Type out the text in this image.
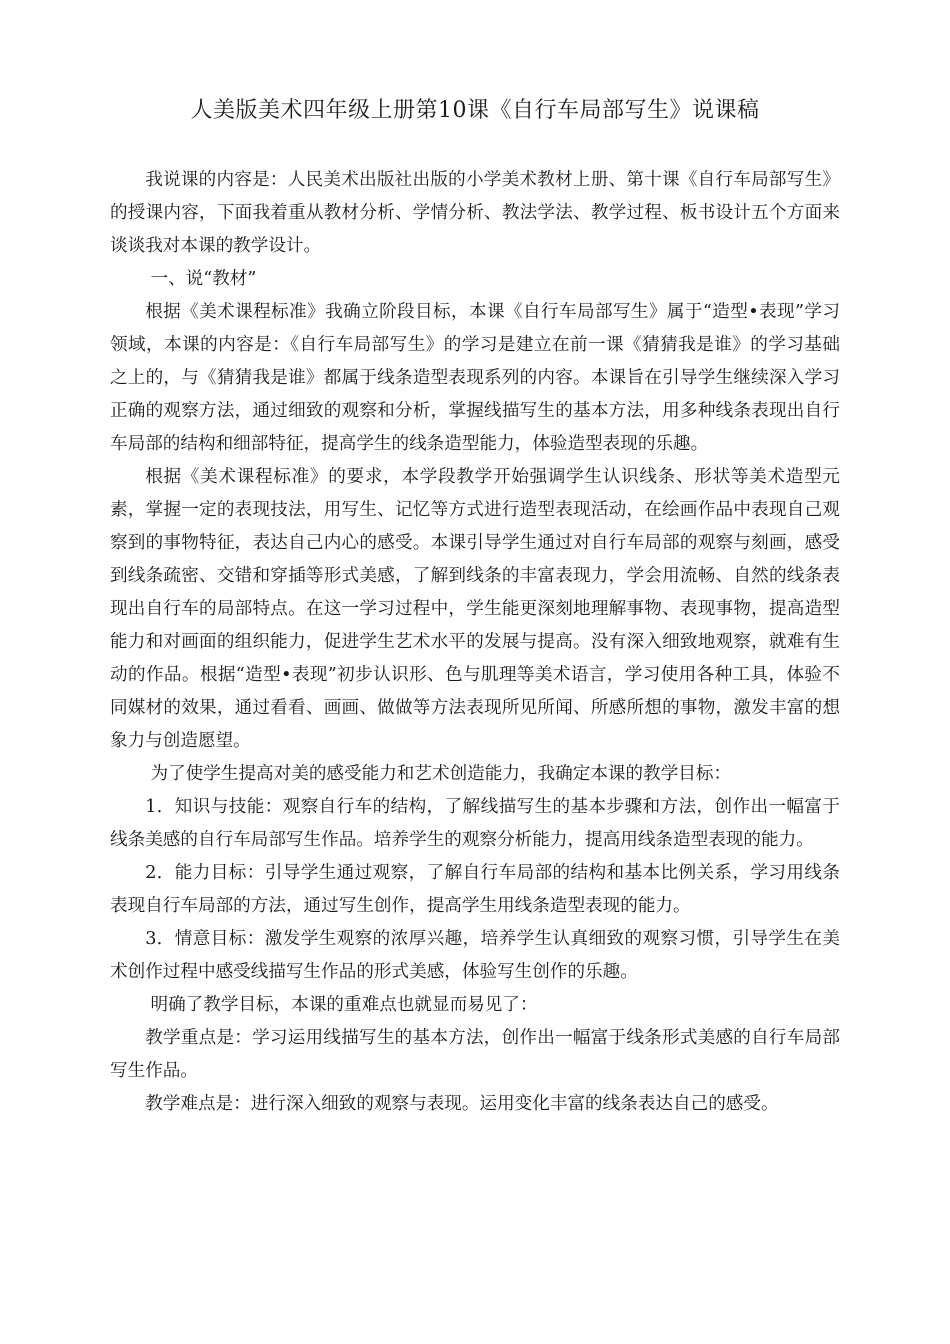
人美版美术四年级上册第10课《自行车局部写生》说课稿

我说课的内容是：人民美术出版社出版的小学美术教材上册、第十课《自行车局部写生》的授课内容，下面我着重从教材分析、学情分析、教法学法、教学过程、板书设计五个方面来谈谈我对本课的教学设计。

一、说“教材”

根据《美术课程标准》我确立阶段目标，本课《自行车局部写生》属于“造型•表现”学习领域，本课的内容是：《自行车局部写生》的学习是建立在前一课《猜猜我是谁》的学习基础之上的，与《猜猜我是谁》都属于线条造型表现系列的内容。本课旨在引导学生继续深入学习正确的观察方法，通过细致的观察和分析，掌握线描写生的基本方法，用多种线条表现出自行车局部的结构和细部特征，提高学生的线条造型能力，体验造型表现的乐趣。

根据《美术课程标准》的要求，本学段教学开始强调学生认识线条、形状等美术造型元素，掌握一定的表现技法，用写生、记忆等方式进行造型表现活动，在绘画作品中表现自己观察到的事物特征，表达自己内心的感受。本课引导学生通过对自行车局部的观察与刻画，感受到线条疏密、交错和穿插等形式美感，了解到线条的丰富表现力，学会用流畅、自然的线条表现出自行车的局部特点。在这一学习过程中，学生能更深刻地理解事物、表现事物，提高造型能力和对画面的组织能力，促进学生艺术水平的发展与提高。没有深入细致地观察，就难有生动的作品。根据“造型•表现”初步认识形、色与肌理等美术语言，学习使用各种工具，体验不同媒材的效果，通过看看、画画、做做等方法表现所见所闻、所感所想的事物，激发丰富的想象力与创造愿望。

为了使学生提高对美的感受能力和艺术创造能力，我确定本课的教学目标：

1．知识与技能：观察自行车的结构，了解线描写生的基本步骤和方法，创作出一幅富于线条美感的自行车局部写生作品。培养学生的观察分析能力，提高用线条造型表现的能力。

2．能力目标：引导学生通过观察，了解自行车局部的结构和基本比例关系，学习用线条表现自行车局部的方法，通过写生创作，提高学生用线条造型表现的能力。

3．情意目标：激发学生观察的浓厚兴趣，培养学生认真细致的观察习惯，引导学生在美术创作过程中感受线描写生作品的形式美感，体验写生创作的乐趣。

明确了教学目标，本课的重难点也就显而易见了：

教学重点是：学习运用线描写生的基本方法，创作出一幅富于线条形式美感的自行车局部写生作品。

教学难点是：进行深入细致的观察与表现。运用变化丰富的线条表达自己的感受。
